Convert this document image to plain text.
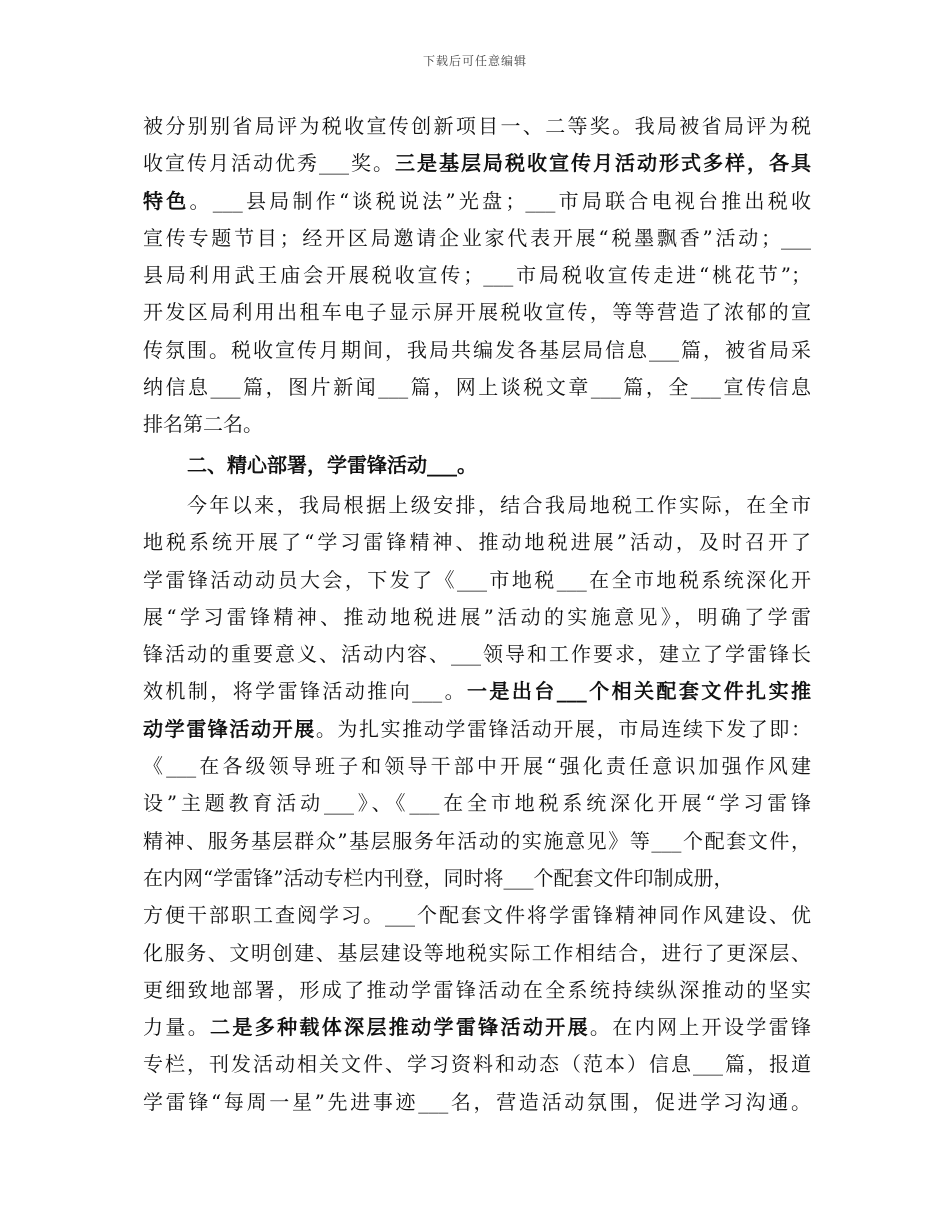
下载后可任意编辑
被分别别省局评为税收宣传创新项目一、二等奖。我局被省局评为税
收宣传月活动优秀___奖。三是基层局税收宣传月活动形式多样，各具
特色。___县局制作“谈税说法”光盘；___市局联合电视台推出税收
宣传专题节目；经开区局邀请企业家代表开展“税墨飘香”活动；___
县局利用武王庙会开展税收宣传；___市局税收宣传走进“桃花节”；
开发区局利用出租车电子显示屏开展税收宣传，等等营造了浓郁的宣
传氛围。税收宣传月期间，我局共编发各基层局信息___篇，被省局采
纳信息___篇，图片新闻___篇，网上谈税文章___篇，全___宣传信息
排名第二名。
二、精心部署，学雷锋活动___。
今年以来，我局根据上级安排，结合我局地税工作实际，在全市
地税系统开展了“学习雷锋精神、推动地税进展”活动，及时召开了
学雷锋活动动员大会，下发了《___市地税___在全市地税系统深化开
展“学习雷锋精神、推动地税进展”活动的实施意见》，明确了学雷
锋活动的重要意义、活动内容、___领导和工作要求，建立了学雷锋长
效机制，将学雷锋活动推向___。一是出台___个相关配套文件扎实推
动学雷锋活动开展。为扎实推动学雷锋活动开展，市局连续下发了即：
《___在各级领导班子和领导干部中开展“强化责任意识加强作风建
设”主题教育活动___》、《___在全市地税系统深化开展“学习雷锋
精神、服务基层群众”基层服务年活动的实施意见》等___个配套文件，
在内网“学雷锋”活动专栏内刊登，同时将___个配套文件印制成册，
方便干部职工查阅学习。___个配套文件将学雷锋精神同作风建设、优
化服务、文明创建、基层建设等地税实际工作相结合，进行了更深层、
更细致地部署，形成了推动学雷锋活动在全系统持续纵深推动的坚实
力量。二是多种载体深层推动学雷锋活动开展。在内网上开设学雷锋
专栏，刊发活动相关文件、学习资料和动态（范本）信息___篇，报道
学雷锋“每周一星”先进事迹___名，营造活动氛围，促进学习沟通。
